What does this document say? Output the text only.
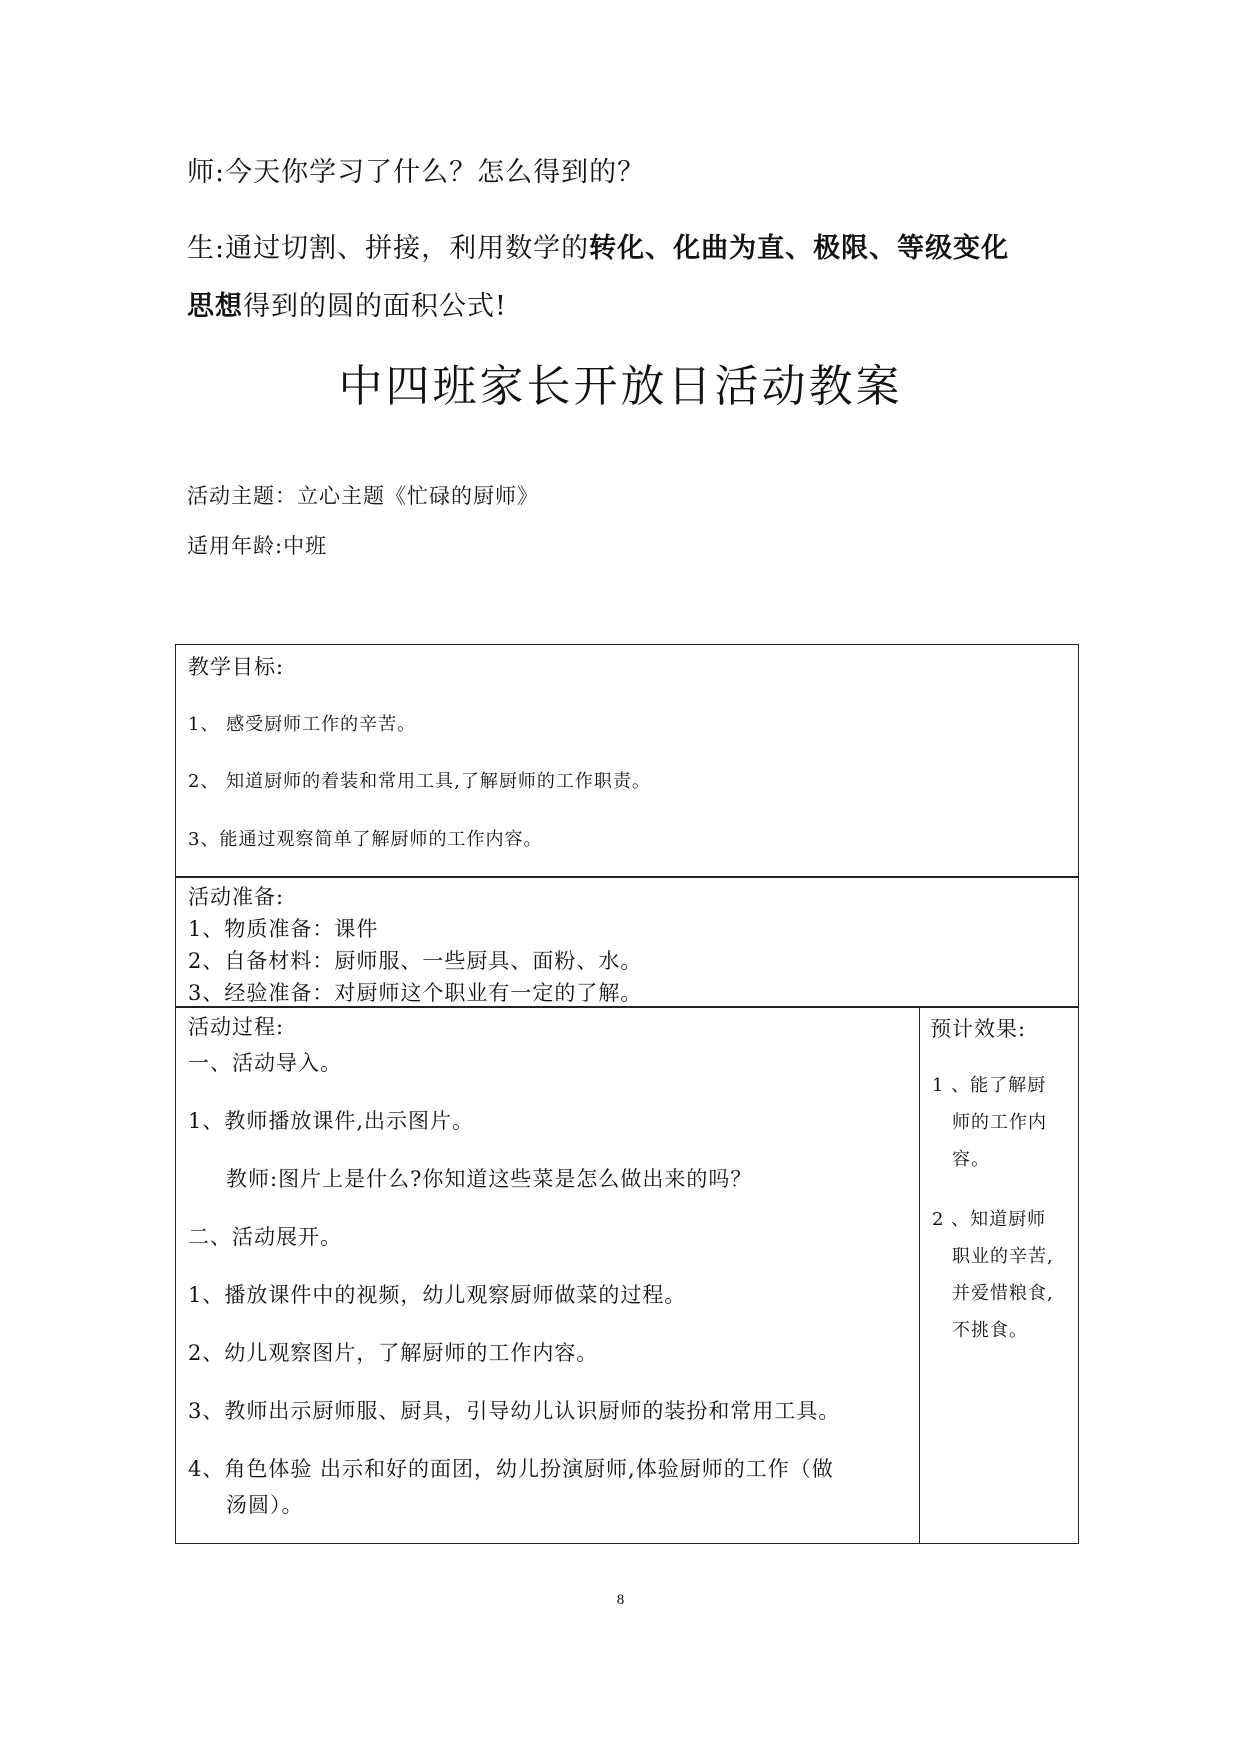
师:今天你学习了什么？怎么得到的？
生:通过切割、拼接，利用数学的转化、化曲为直、极限、等级变化
思想得到的圆的面积公式!
中四班家长开放日活动教案
活动主题：立心主题《忙碌的厨师》
适用年龄:中班
教学目标:
1、 感受厨师工作的辛苦。
2、 知道厨师的着装和常用工具,了解厨师的工作职责。
3、能通过观察简单了解厨师的工作内容。
活动准备:
1、物质准备：课件
2、自备材料：厨师服、一些厨具、面粉、水。
3、经验准备：对厨师这个职业有一定的了解。
活动过程:
一、活动导入。
1、教师播放课件,出示图片。
教师:图片上是什么?你知道这些菜是怎么做出来的吗？
二、活动展开。
1、播放课件中的视频，幼儿观察厨师做菜的过程。
2、幼儿观察图片，了解厨师的工作内容。
3、教师出示厨师服、厨具，引导幼儿认识厨师的装扮和常用工具。
4、角色体验 出示和好的面团，幼儿扮演厨师,体验厨师的工作（做
汤圆）。
预计效果:
1 、能了解厨
师的工作内
容。
2 、知道厨师
职业的辛苦,
并爱惜粮食,
不挑食。
8
